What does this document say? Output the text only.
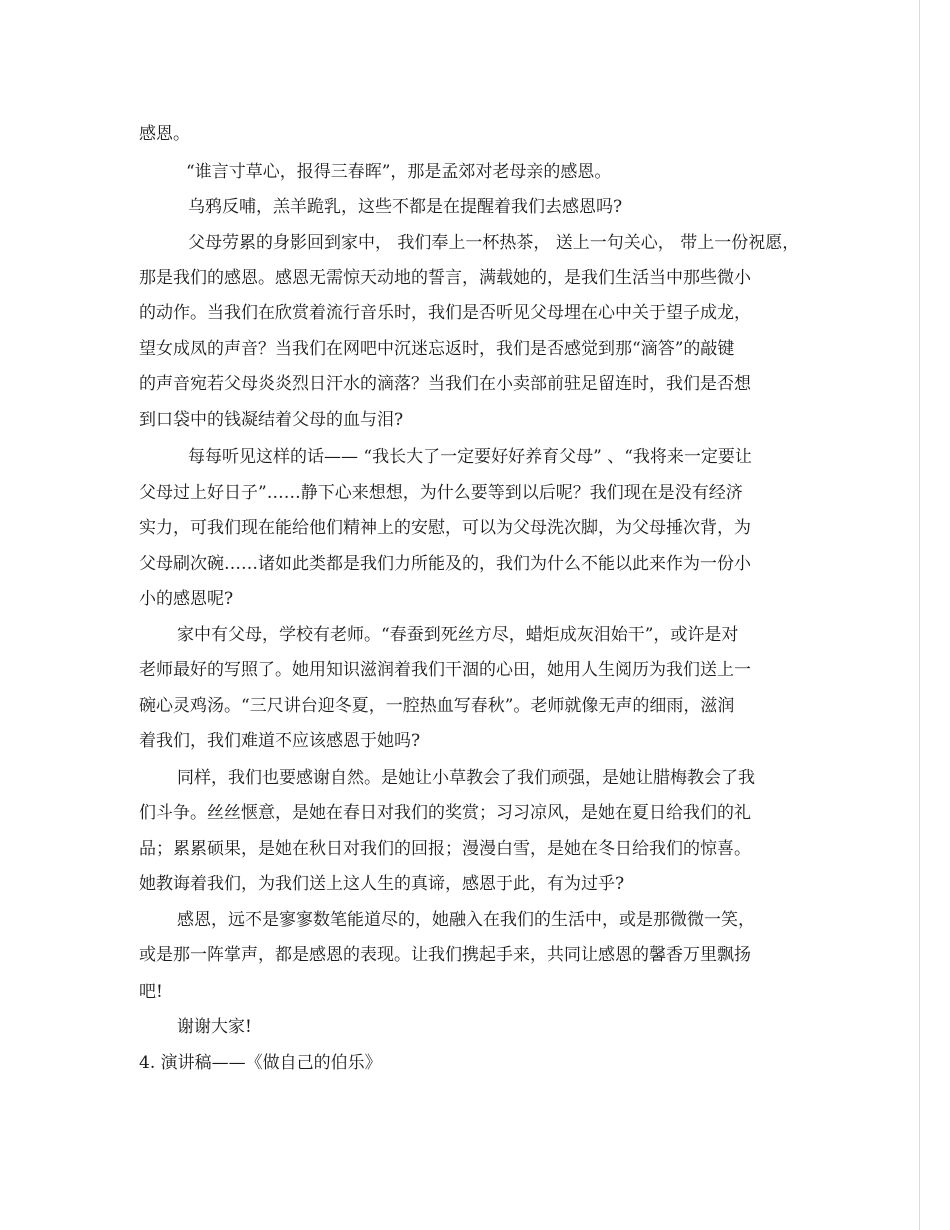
感恩。
“谁言寸草心，报得三春晖”，那是孟郊对老母亲的感恩。
乌鸦反哺，羔羊跪乳，这些不都是在提醒着我们去感恩吗?
父母劳累的身影回到家中， 我们奉上一杯热茶， 送上一句关心， 带上一份祝愿，
那是我们的感恩。感恩无需惊天动地的誓言，满载她的，是我们生活当中那些微小
的动作。当我们在欣赏着流行音乐时，我们是否听见父母埋在心中关于望子成龙，
望女成凤的声音？当我们在网吧中沉迷忘返时，我们是否感觉到那“滴答”的敲键
的声音宛若父母炎炎烈日汗水的滴落？当我们在小卖部前驻足留连时，我们是否想
到口袋中的钱凝结着父母的血与泪?
每每听见这样的话—— “我长大了一定要好好养育父母” 、“我将来一定要让
父母过上好日子”……静下心来想想，为什么要等到以后呢？我们现在是没有经济
实力，可我们现在能给他们精神上的安慰，可以为父母洗次脚，为父母捶次背，为
父母刷次碗……诸如此类都是我们力所能及的，我们为什么不能以此来作为一份小
小的感恩呢?
家中有父母，学校有老师。“春蚕到死丝方尽，蜡炬成灰泪始干”，或许是对
老师最好的写照了。她用知识滋润着我们干涸的心田，她用人生阅历为我们送上一
碗心灵鸡汤。“三尺讲台迎冬夏，一腔热血写春秋”。老师就像无声的细雨，滋润
着我们，我们难道不应该感恩于她吗?
同样，我们也要感谢自然。是她让小草教会了我们顽强，是她让腊梅教会了我
们斗争。丝丝惬意，是她在春日对我们的奖赏；习习凉风，是她在夏日给我们的礼
品；累累硕果，是她在秋日对我们的回报；漫漫白雪，是她在冬日给我们的惊喜。
她教诲着我们，为我们送上这人生的真谛，感恩于此，有为过乎?
感恩，远不是寥寥数笔能道尽的，她融入在我们的生活中，或是那微微一笑，
或是那一阵掌声，都是感恩的表现。让我们携起手来，共同让感恩的馨香万里飘扬
吧!
谢谢大家!
4. 演讲稿——《做自己的伯乐》
